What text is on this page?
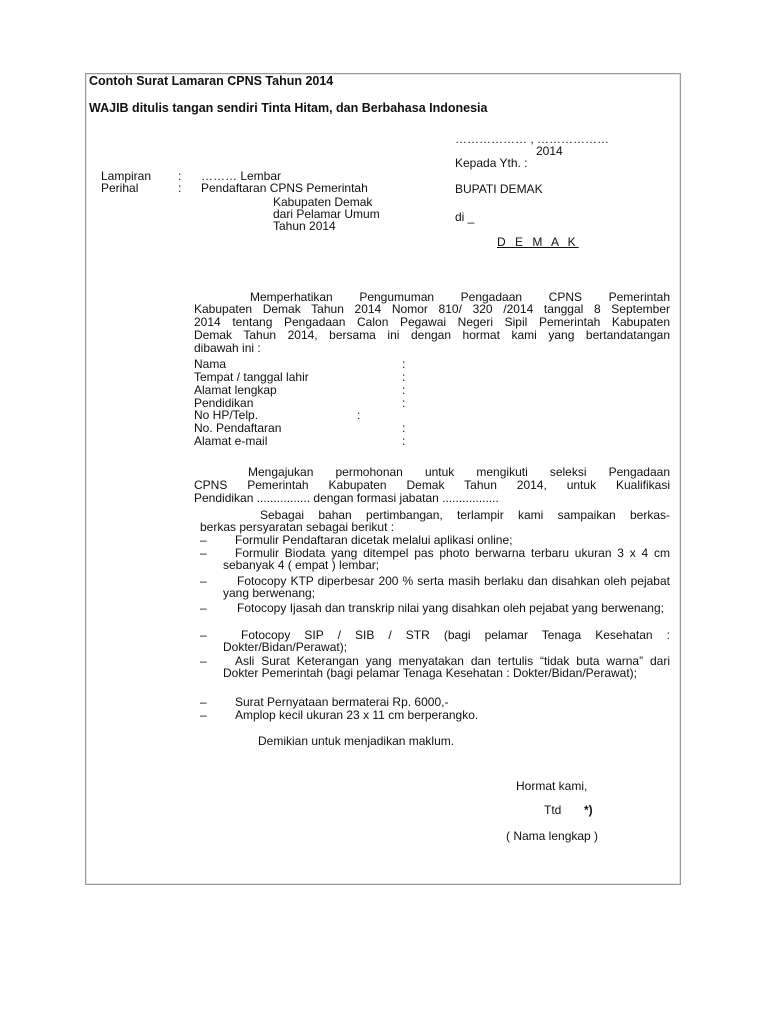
Contoh Surat Lamaran CPNS Tahun 2014
WAJIB ditulis tangan sendiri Tinta Hitam, dan Berbahasa Indonesia
……………… , ………………
2014
Kepada Yth. :
BUPATI DEMAK
di _
D E M A K
Lampiran : ……… Lembar
Perihal	: Pendaftaran CPNS Pemerintah
Kabupaten Demak
dari Pelamar Umum
Tahun 2014
Memperhatikan Pengumuman Pengadaan CPNS Pemerintah
Kabupaten Demak Tahun 2014 Nomor 810/ 320 /2014 tanggal 8 September
2014 tentang Pengadaan Calon Pegawai Negeri Sipil Pemerintah Kabupaten
Demak Tahun 2014, bersama ini dengan hormat kami yang bertandatangan
dibawah ini :
Nama	:
Tempat / tanggal lahir	:
Alamat lengkap	:
Pendidikan	:
No HP/Telp.	:
No. Pendaftaran	:
Alamat e-mail	:
Mengajukan permohonan untuk mengikuti seleksi Pengadaan
CPNS Pemerintah Kabupaten Demak Tahun 2014, untuk Kualifikasi
Pendidikan ................ dengan formasi jabatan .................
Sebagai bahan pertimbangan, terlampir kami sampaikan berkas-
berkas persyaratan sebagai berikut :
– Formulir Pendaftaran dicetak melalui aplikasi online;
–	Formulir Biodata yang ditempel pas photo berwarna terbaru ukuran 3 x 4 cm sebanyak 4 ( empat ) lembar;
–	Fotocopy KTP diperbesar 200 % serta masih berlaku dan disahkan oleh pejabat yang berwenang;
–	Fotocopy Ijasah dan transkrip nilai yang disahkan oleh pejabat yang berwenang;
–	Fotocopy SIP / SIB / STR (bagi pelamar Tenaga Kesehatan : Dokter/Bidan/Perawat);
–	Asli Surat Keterangan yang menyatakan dan tertulis “tidak buta warna” dari Dokter Pemerintah (bagi pelamar Tenaga Kesehatan : Dokter/Bidan/Perawat);
– Surat Pernyataan bermaterai Rp. 6000,-
– Amplop kecil ukuran 23 x 11 cm berperangko.
Demikian untuk menjadikan maklum.
Hormat kami,
Ttd *)
( Nama lengkap )
